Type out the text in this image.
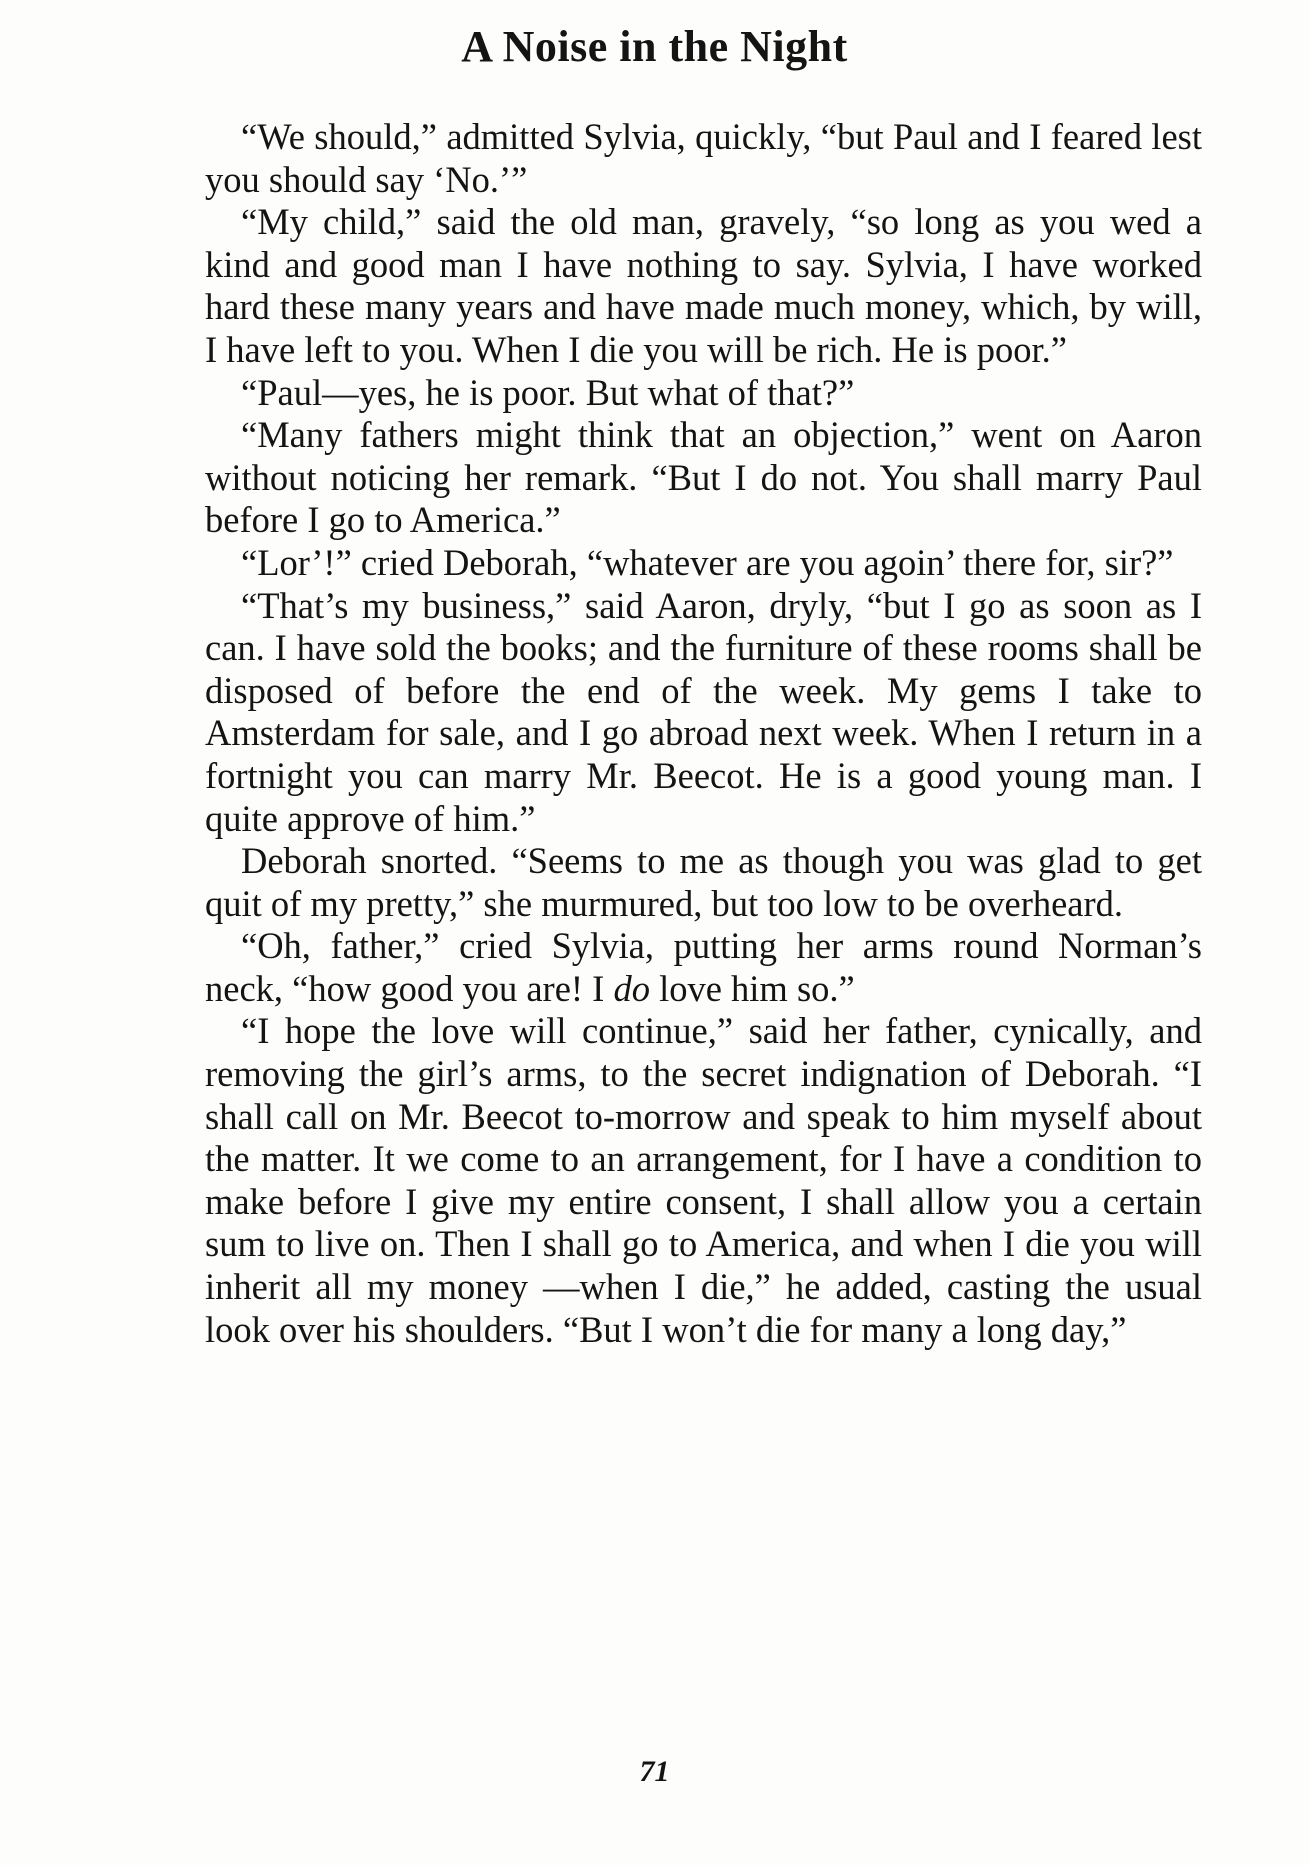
A Noise in the Night

“We should,” admitted Sylvia, quickly, “but Paul and I feared lest you should say ‘No.’”

“My child,” said the old man, gravely, “so long as you wed a kind and good man I have nothing to say. Sylvia, I have worked hard these many years and have made much money, which, by will, I have left to you. When I die you will be rich. He is poor.”

“Paul—yes, he is poor. But what of that?”

“Many fathers might think that an objection,” went on Aaron without noticing her remark. “But I do not. You shall marry Paul before I go to America.”

“Lor’!” cried Deborah, “whatever are you agoin’ there for, sir?”

“That’s my business,” said Aaron, dryly, “but I go as soon as I can. I have sold the books; and the furniture of these rooms shall be disposed of before the end of the week. My gems I take to Amsterdam for sale, and I go abroad next week. When I return in a fortnight you can marry Mr. Beecot. He is a good young man. I quite approve of him.”

Deborah snorted. “Seems to me as though you was glad to get quit of my pretty,” she murmured, but too low to be overheard.

“Oh, father,” cried Sylvia, putting her arms round Norman’s neck, “how good you are! I do love him so.”

“I hope the love will continue,” said her father, cynically, and removing the girl’s arms, to the secret indignation of Deborah. “I shall call on Mr. Beecot to-morrow and speak to him myself about the matter. It we come to an arrangement, for I have a condition to make before I give my entire consent, I shall allow you a certain sum to live on. Then I shall go to America, and when I die you will inherit all my money —when I die,” he added, casting the usual look over his shoulders. “But I won’t die for many a long day,”

71
